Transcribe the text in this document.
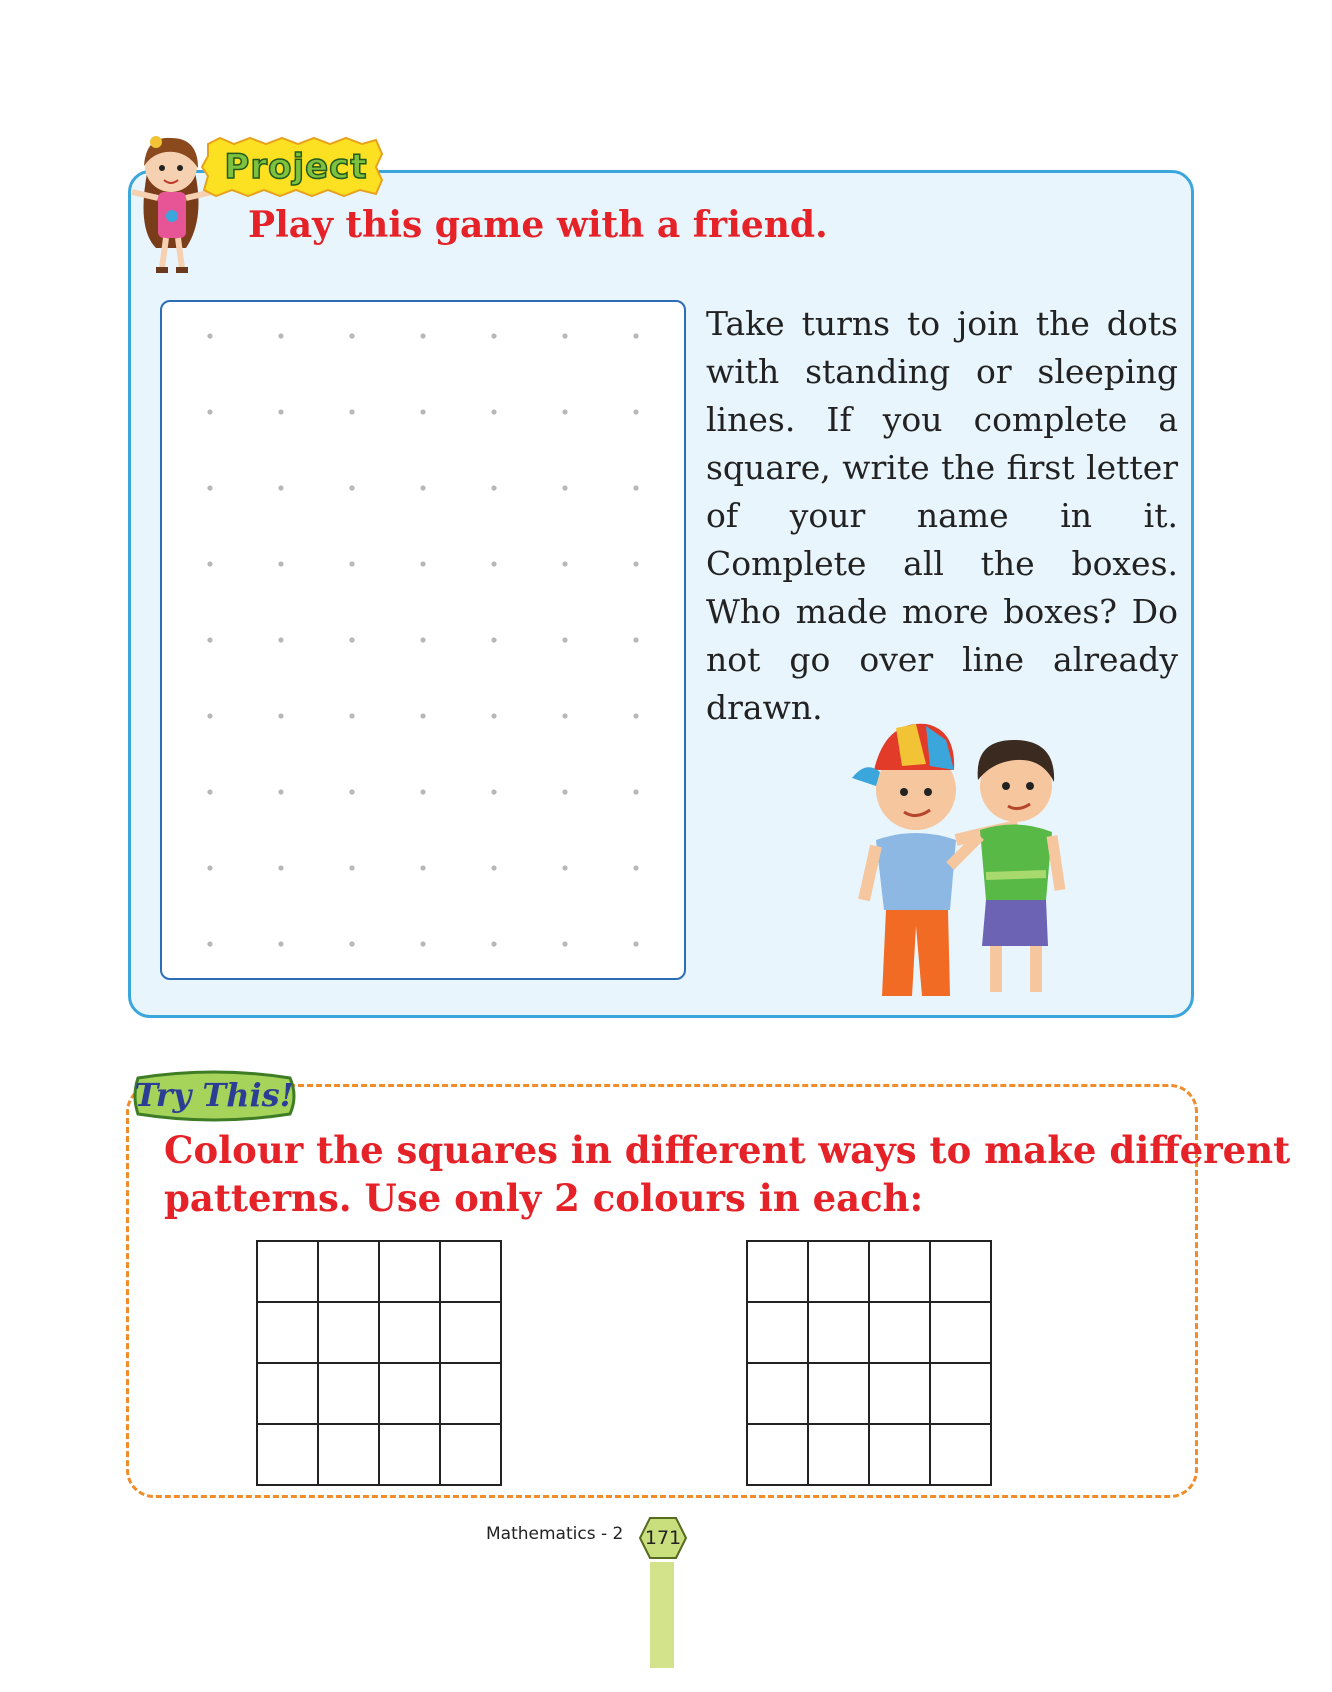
Project
Play this game with a friend.
Take turns to join the dots with standing or sleeping lines. If you complete a square, write the first letter of your name in it. Complete all the boxes. Who made more boxes? Do not go over line already drawn.
Try This!
Colour the squares in different ways to make different
patterns. Use only 2 colours in each:
Mathematics - 2	171
